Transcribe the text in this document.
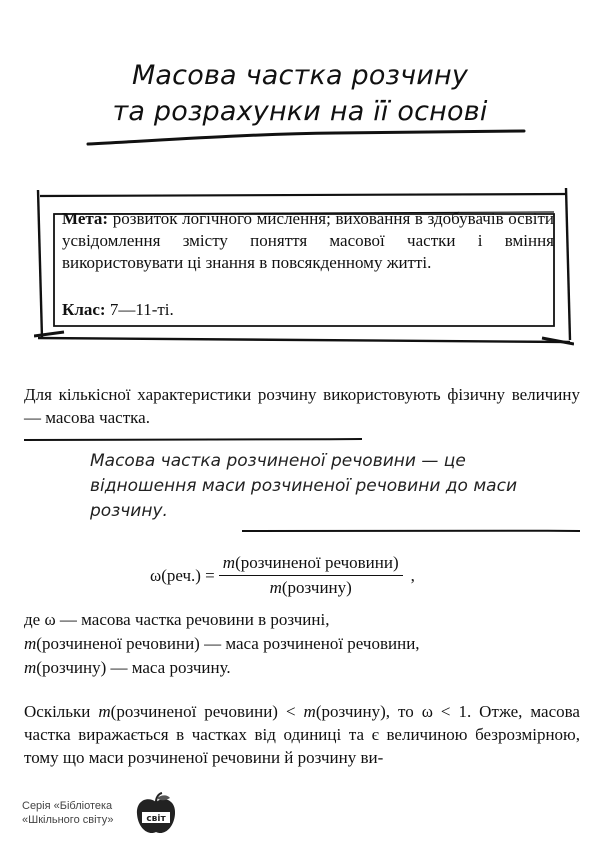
Масова частка розчину
та розрахунки на її основі
Мета: розвиток логічного мислення; виховання в здобувачів освіти усвідомлення змісту поняття масової частки і вміння використовувати ці знання в повсякденному житті.
Клас: 7—11-ті.
Для кількісної характеристики розчину використовують фізичну величину — масова частка.
Масова частка розчиненої речовини — це відношення маси розчиненої речовини до маси розчину.
$\omega(реч.) = \frac{\text{m(розчиненої речовини)}}{\text{m(розчину)}}$ ,
де ω — масова частка речовини в розчині,
m(розчиненої речовини) — маса розчиненої речовини,
m(розчину) — маса розчину.
Оскільки m(розчиненої речовини) < m(розчину), то ω < 1. Отже, масова частка виражається в частках від одиниці та є величиною безрозмірною, тому що маси розчиненої речовини й розчину ви-
Серія «Бібліотека
«Шкільного світу»	світ
